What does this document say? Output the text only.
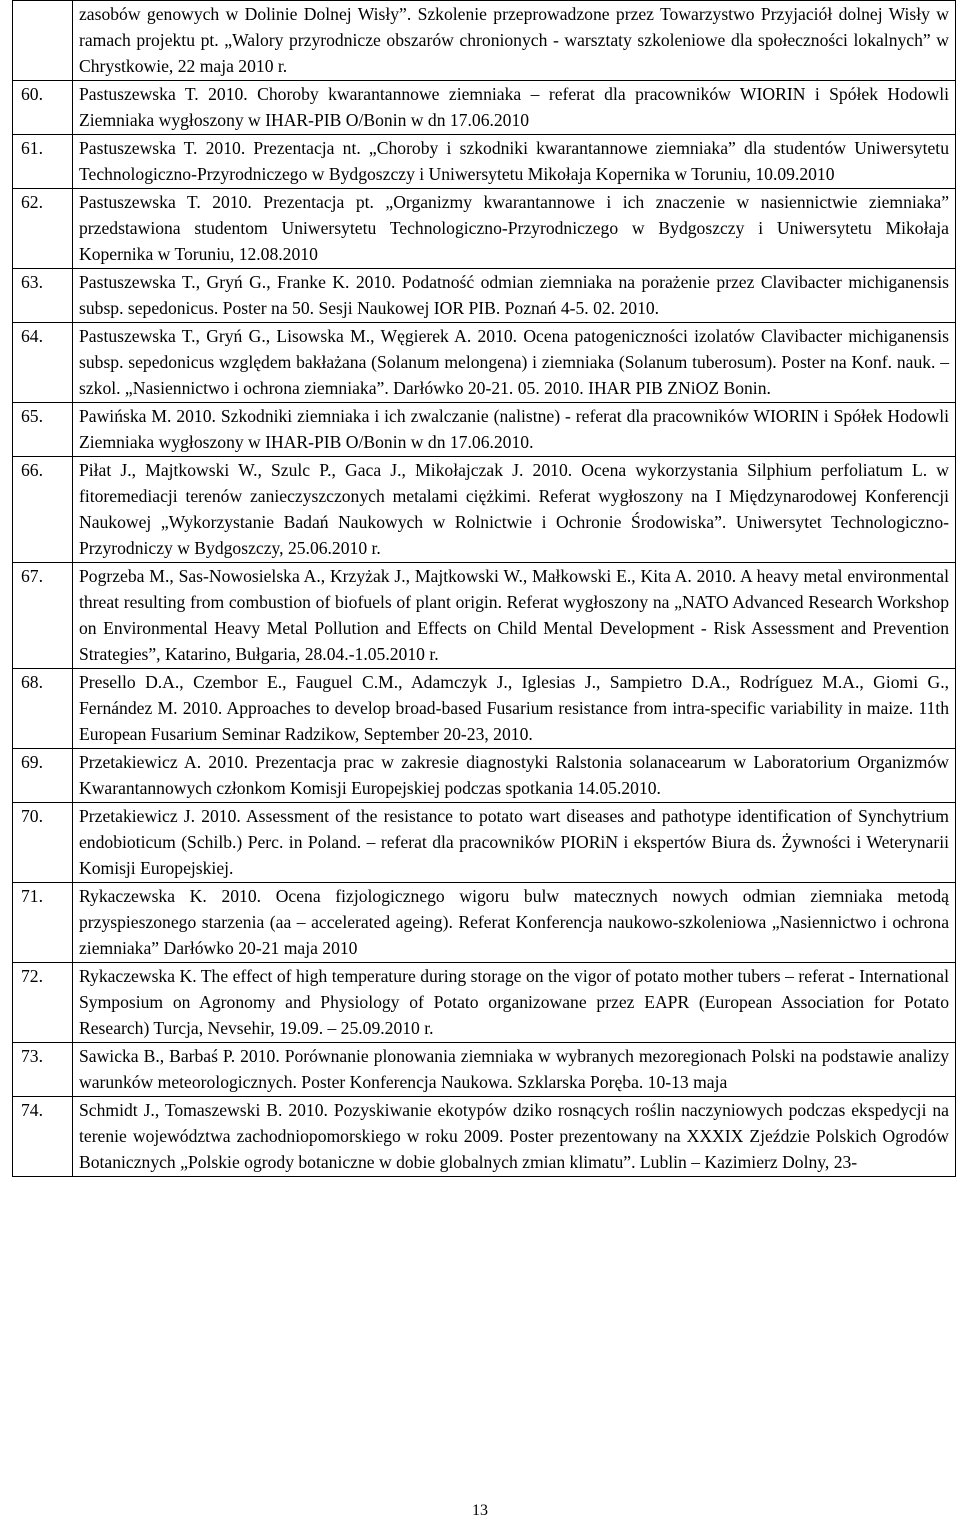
	zasobów genowych w Dolinie Dolnej Wisły”. Szkolenie przeprowadzone przez Towarzystwo Przyjaciół dolnej Wisły w ramach projektu pt. „Walory przyrodnicze obszarów chronionych - warsztaty szkoleniowe dla społeczności lokalnych” w Chrystkowie, 22 maja 2010 r.
60.	Pastuszewska T. 2010. Choroby kwarantannowe ziemniaka – referat dla pracowników WIORIN i Spółek Hodowli Ziemniaka wygłoszony w IHAR-PIB O/Bonin w dn 17.06.2010
61.	Pastuszewska T. 2010. Prezentacja nt. „Choroby i szkodniki kwarantannowe ziemniaka” dla studentów Uniwersytetu Technologiczno-Przyrodniczego w Bydgoszczy i Uniwersytetu Mikołaja Kopernika w Toruniu, 10.09.2010
62.	Pastuszewska T. 2010. Prezentacja pt. „Organizmy kwarantannowe i ich znaczenie w nasiennictwie ziemniaka” przedstawiona studentom Uniwersytetu Technologiczno-Przyrodniczego w Bydgoszczy i Uniwersytetu Mikołaja Kopernika w Toruniu, 12.08.2010
63.	Pastuszewska T., Gryń G., Franke K. 2010. Podatność odmian ziemniaka na porażenie przez Clavibacter michiganensis subsp. sepedonicus. Poster na 50. Sesji Naukowej IOR PIB. Poznań 4-5. 02. 2010.
64.	Pastuszewska T., Gryń G., Lisowska M., Węgierek A. 2010. Ocena patogeniczności izolatów Clavibacter michiganensis subsp. sepedonicus względem bakłażana (Solanum melongena) i ziemniaka (Solanum tuberosum). Poster na Konf. nauk. – szkol. „Nasiennictwo i ochrona ziemniaka”. Darłówko 20-21. 05. 2010. IHAR PIB ZNiOZ Bonin.
65.	Pawińska M. 2010. Szkodniki ziemniaka i ich zwalczanie (nalistne) - referat dla pracowników WIORIN i Spółek Hodowli Ziemniaka wygłoszony w IHAR-PIB O/Bonin w dn 17.06.2010.
66.	Piłat J., Majtkowski W., Szulc P., Gaca J., Mikołajczak J. 2010. Ocena wykorzystania Silphium perfoliatum L. w fitoremediacji terenów zanieczyszczonych metalami ciężkimi. Referat wygłoszony na I Międzynarodowej Konferencji Naukowej „Wykorzystanie Badań Naukowych w Rolnictwie i Ochronie Środowiska”. Uniwersytet Technologiczno-Przyrodniczy w Bydgoszczy, 25.06.2010 r.
67.	Pogrzeba M., Sas-Nowosielska A., Krzyżak J., Majtkowski W., Małkowski E., Kita A. 2010. A heavy metal environmental threat resulting from combustion of biofuels of plant origin. Referat wygłoszony na „NATO Advanced Research Workshop on Environmental Heavy Metal Pollution and Effects on Child Mental Development - Risk Assessment and Prevention Strategies”, Katarino, Bułgaria, 28.04.-1.05.2010 r.
68.	Presello D.A., Czembor E., Fauguel C.M., Adamczyk J., Iglesias J., Sampietro D.A., Rodríguez M.A., Giomi G., Fernández M. 2010. Approaches to develop broad-based Fusarium resistance from intra-specific variability in maize. 11th European Fusarium Seminar Radzikow, September 20-23, 2010.
69.	Przetakiewicz A. 2010. Prezentacja prac w zakresie diagnostyki Ralstonia solanacearum w Laboratorium Organizmów Kwarantannowych członkom Komisji Europejskiej podczas spotkania 14.05.2010.
70.	Przetakiewicz J. 2010. Assessment of the resistance to potato wart diseases and pathotype identification of Synchytrium endobioticum (Schilb.) Perc. in Poland. – referat dla pracowników PIORiN i ekspertów Biura ds. Żywności i Weterynarii Komisji Europejskiej.
71.	Rykaczewska K. 2010. Ocena fizjologicznego wigoru bulw matecznych nowych odmian ziemniaka metodą przyspieszonego starzenia (aa – accelerated ageing). Referat Konferencja naukowo-szkoleniowa „Nasiennictwo i ochrona ziemniaka” Darłówko 20-21 maja 2010
72.	Rykaczewska K. The effect of high temperature during storage on the vigor of potato mother tubers – referat - International Symposium on Agronomy and Physiology of Potato organizowane przez EAPR (European Association for Potato Research) Turcja, Nevsehir, 19.09. – 25.09.2010 r.
73.	Sawicka B., Barbaś P. 2010. Porównanie plonowania ziemniaka w wybranych mezoregionach Polski na podstawie analizy warunków meteorologicznych. Poster Konferencja Naukowa. Szklarska Poręba. 10-13 maja
74.	Schmidt J., Tomaszewski B. 2010. Pozyskiwanie ekotypów dziko rosnących roślin naczyniowych podczas ekspedycji na terenie województwa zachodniopomorskiego w roku 2009. Poster prezentowany na XXXIX Zjeździe Polskich Ogrodów Botanicznych „Polskie ogrody botaniczne w dobie globalnych zmian klimatu”. Lublin – Kazimierz Dolny, 23-
13
